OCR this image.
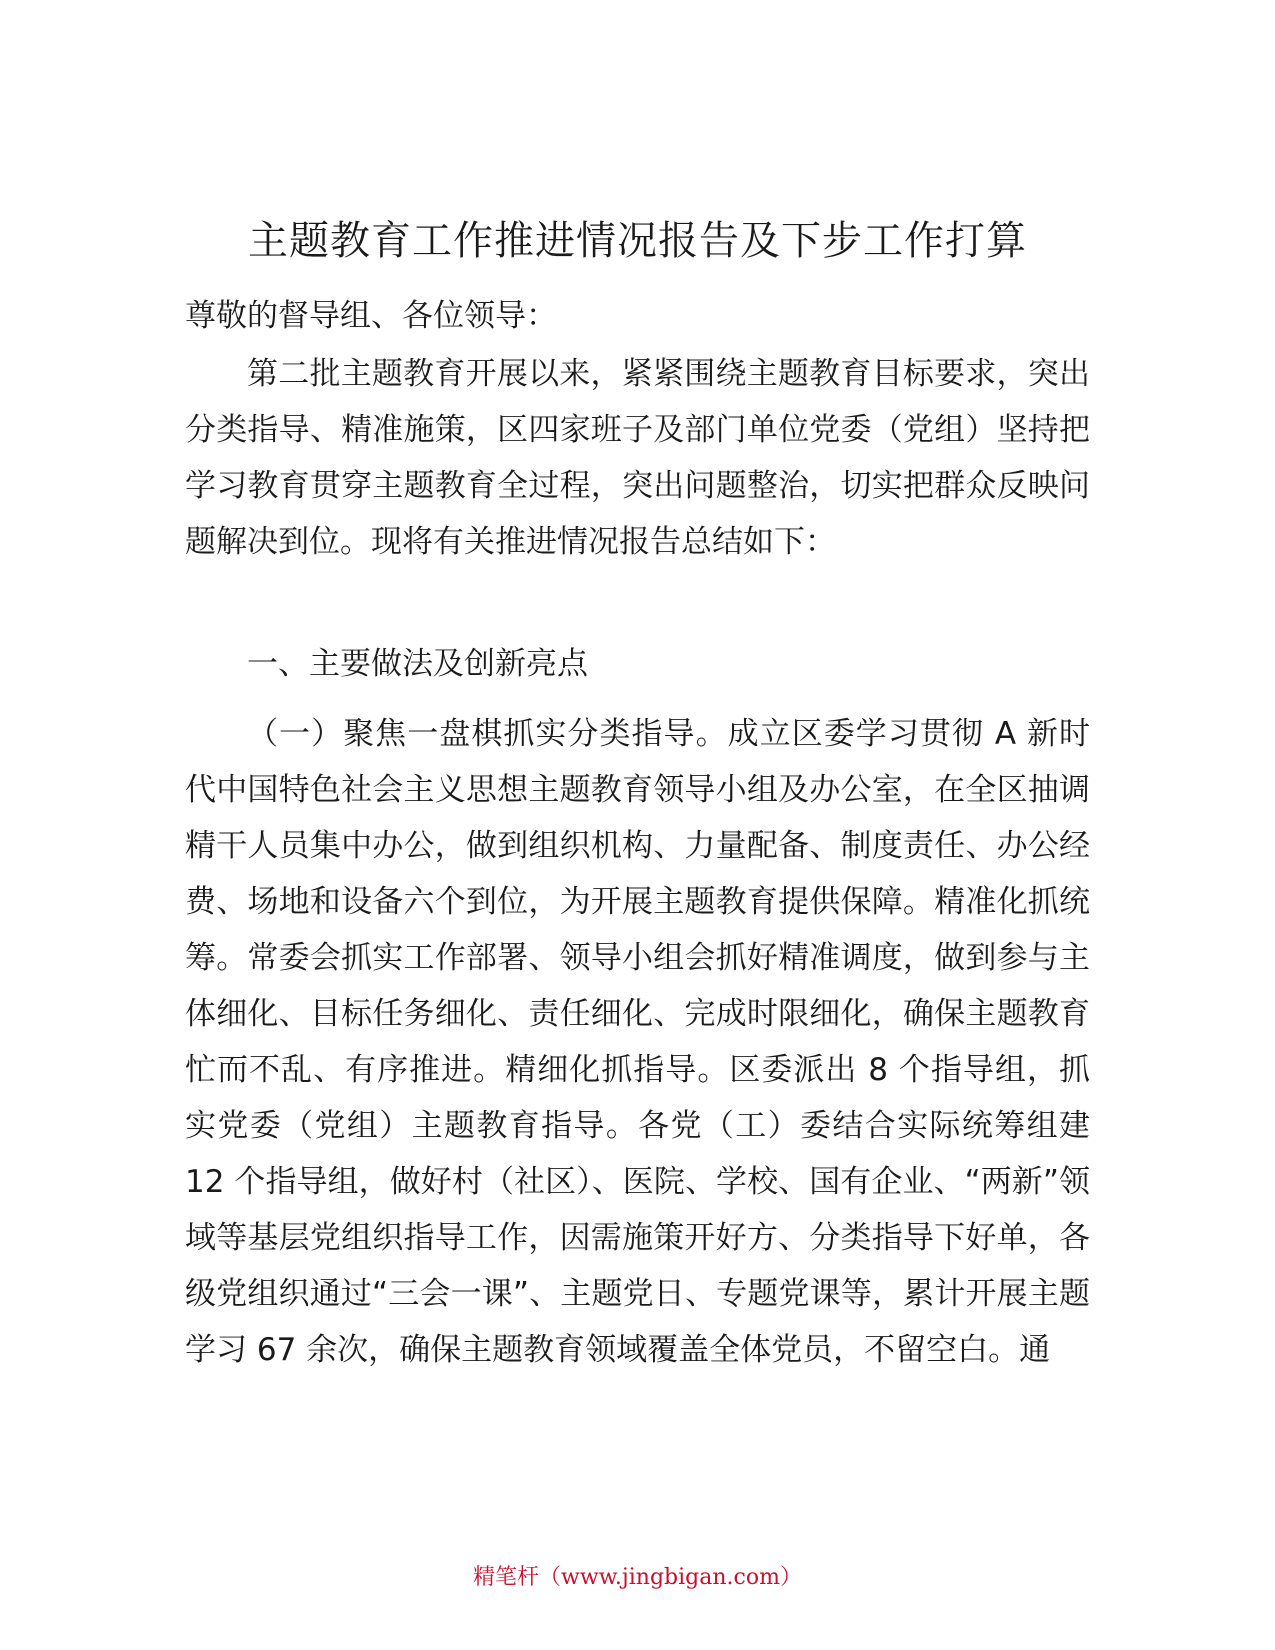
主题教育工作推进情况报告及下步工作打算

尊敬的督导组、各位领导：

第二批主题教育开展以来，紧紧围绕主题教育目标要求，突出分类指导、精准施策，区四家班子及部门单位党委（党组）坚持把学习教育贯穿主题教育全过程，突出问题整治，切实把群众反映问题解决到位。现将有关推进情况报告总结如下：

一、主要做法及创新亮点

（一）聚焦一盘棋抓实分类指导。成立区委学习贯彻 A 新时代中国特色社会主义思想主题教育领导小组及办公室，在全区抽调精干人员集中办公，做到组织机构、力量配备、制度责任、办公经费、场地和设备六个到位，为开展主题教育提供保障。精准化抓统筹。常委会抓实工作部署、领导小组会抓好精准调度，做到参与主体细化、目标任务细化、责任细化、完成时限细化，确保主题教育忙而不乱、有序推进。精细化抓指导。区委派出 8 个指导组，抓实党委（党组）主题教育指导。各党（工）委结合实际统筹组建 12 个指导组，做好村（社区）、医院、学校、国有企业、“两新”领域等基层党组织指导工作，因需施策开好方、分类指导下好单，各级党组织通过“三会一课”、主题党日、专题党课等，累计开展主题学习 67 余次，确保主题教育领域覆盖全体党员，不留空白。通

精笔杆（www.jingbigan.com）
